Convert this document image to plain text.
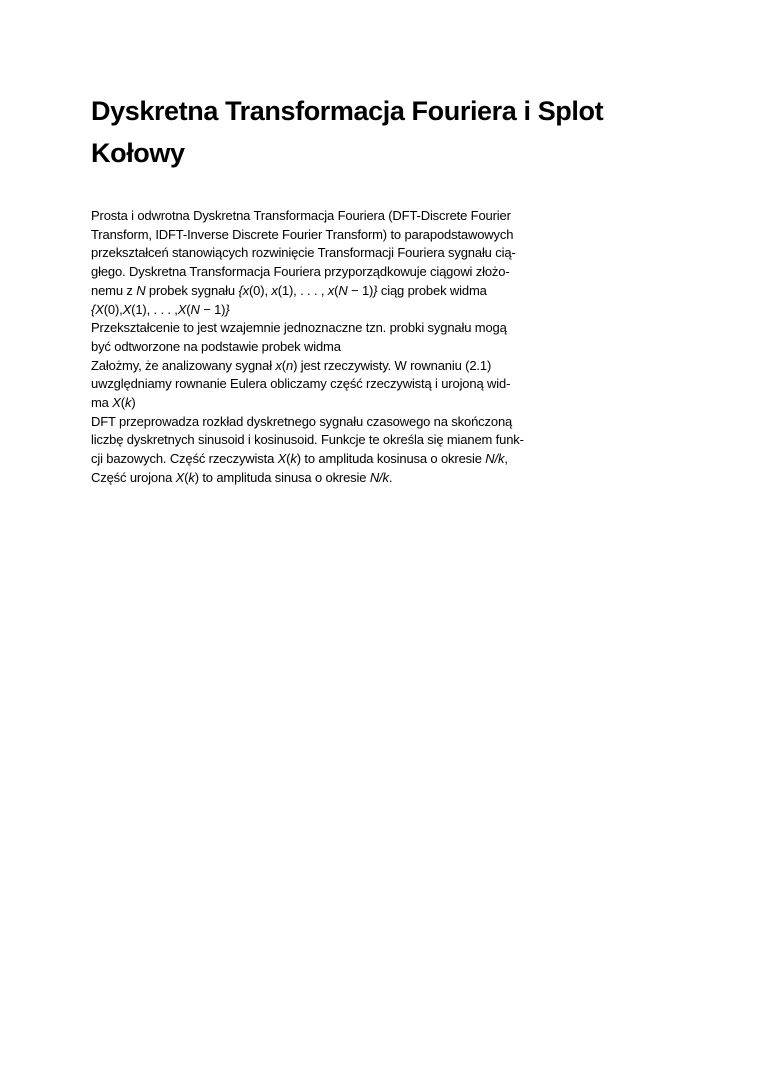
Dyskretna Transformacja Fouriera i Splot Kołowy
Prosta i odwrotna Dyskretna Transformacja Fouriera (DFT-Discrete Fourier
Transform, IDFT-Inverse Discrete Fourier Transform) to parapodstawowych
przekształceń stanowiących rozwinięcie Transformacji Fouriera sygnału cią-
głego. Dyskretna Transformacja Fouriera przyporządkowuje ciągowi złożo-
nemu z N probek sygnału {x(0), x(1), . . . , x(N − 1)} ciąg probek widma
{X(0),X(1), . . . ,X(N − 1)}
Przekształcenie to jest wzajemnie jednoznaczne tzn. probki sygnału mogą
być odtworzone na podstawie probek widma
Założmy, że analizowany sygnał x(n) jest rzeczywisty. W rownaniu (2.1)
uwzględniamy rownanie Eulera obliczamy część rzeczywistą i urojoną wid-
ma X(k)
DFT przeprowadza rozkład dyskretnego sygnału czasowego na skończoną
liczbę dyskretnych sinusoid i kosinusoid. Funkcje te określa się mianem funk-
cji bazowych. Część rzeczywista X(k) to amplituda kosinusa o okresie N/k,
Część urojona X(k) to amplituda sinusa o okresie N/k.
